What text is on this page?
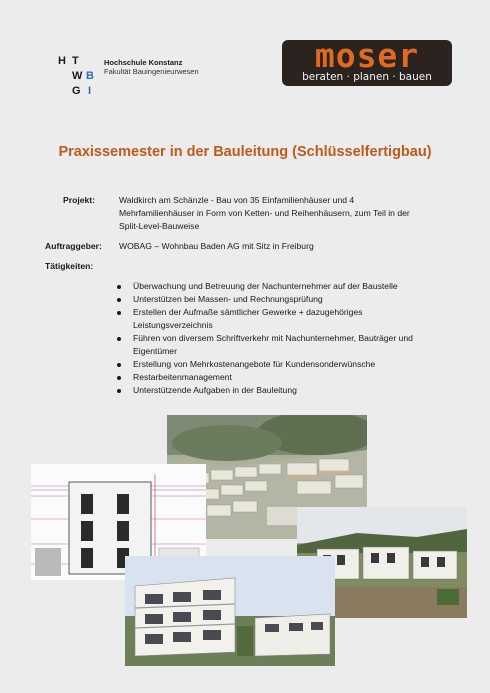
H T
W
G
B
I
Hochschule Konstanz
Fakultät Bauingenieurwesen	moser
beraten · planen · bauen
Praxissemester in der Bauleitung (Schlüsselfertigbau)
Projekt:	Waldkirch am Schänzle - Bau von 35 Einfamilienhäuser und 4
Mehrfamilienhäuser in Form von Ketten- und Reihenhäusern, zum Teil in der
Split-Level-Bauweise
Auftraggeber: WOBAG – Wohnbau Baden AG mit Sitz in Freiburg
Tätigkeiten:
Überwachung und Betreuung der Nachunternehmer auf der Baustelle
Unterstützen bei Massen- und Rechnungsprüfung
Erstellen der Aufmaße sämtlicher Gewerke + dazugehöriges
Leistungsverzeichnis
Führen von diversem Schriftverkehr mit Nachunternehmer, Bauträger und
Eigentümer
Erstellung von Mehrkostenangebote für Kundensonderwünsche
Restarbeitenmanagement
Unterstützende Aufgaben in der Bauleitung
